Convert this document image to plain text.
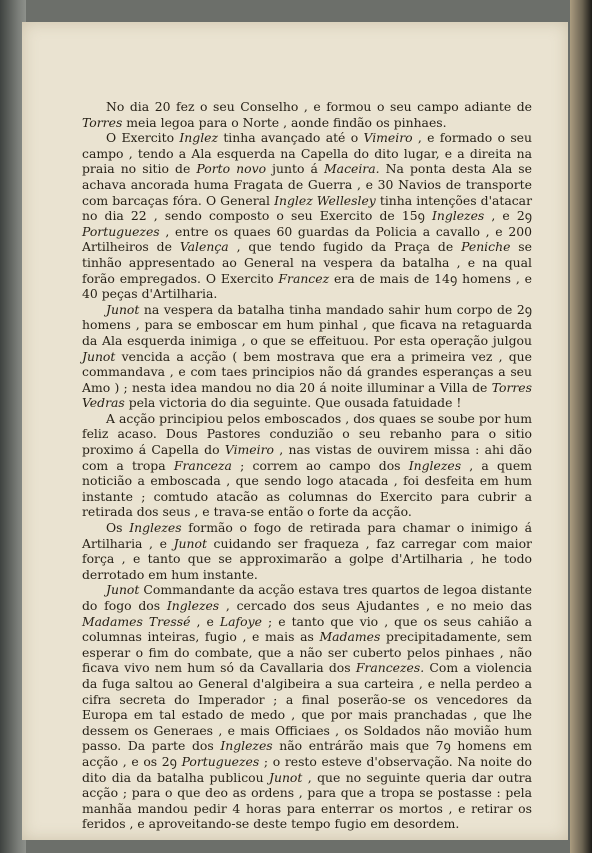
No dia 20 fez o seu Conselho , e formou o seu campo adiante de Torres meia legoa para o Norte , aonde findão os pinhaes.

O Exercito Inglez tinha avançado até o Vimeiro , e formado o seu campo , tendo a Ala esquerda na Capella do dito lugar, e a direita na praia no sitio de Porto novo junto á Maceira. Na ponta desta Ala se achava ancorada huma Fragata de Guerra , e 30 Navios de transporte com barcaças fóra. O General Inglez Wellesley tinha intenções d'atacar no dia 22 , sendo composto o seu Exercito de 15ꝯ Inglezes , e 2ꝯ Portuguezes , entre os quaes 60 guardas da Policia a cavallo , e 200 Artilheiros de Valença , que tendo fugido da Praça de Peniche se tinhão appresentado ao General na vespera da batalha , e na qual forão empregados. O Exercito Francez era de mais de 14ꝯ homens , e 40 peças d'Artilharia.

Junot na vespera da batalha tinha mandado sahir hum corpo de 2ꝯ homens , para se emboscar em hum pinhal , que ficava na retaguarda da Ala esquerda inimiga , o que se effeituou. Por esta operação julgou Junot vencida a acção ( bem mostrava que era a primeira vez , que commandava , e com taes principios não dá grandes esperanças a seu Amo ) ; nesta idea mandou no dia 20 á noite illuminar a Villa de Torres Vedras pela victoria do dia seguinte. Que ousada fatuidade !

A acção principiou pelos emboscados , dos quaes se soube por hum feliz acaso. Dous Pastores conduzião o seu rebanho para o sitio proximo á Capella do Vimeiro , nas vistas de ouvirem missa : ahi dão com a tropa Franceza ; correm ao campo dos Inglezes , a quem noticião a emboscada , que sendo logo atacada , foi desfeita em hum instante ; comtudo atacão as columnas do Exercito para cubrir a retirada dos seus , e trava-se então o forte da acção.

Os Inglezes formão o fogo de retirada para chamar o inimigo á Artilharia , e Junot cuidando ser fraqueza , faz carregar com maior força , e tanto que se approximarão a golpe d'Artilharia , he todo derrotado em hum instante.

Junot Commandante da acção estava tres quartos de legoa distante do fogo dos Inglezes , cercado dos seus Ajudantes , e no meio das Madames Tressé , e Lafoye ; e tanto que vio , que os seus cahião a columnas inteiras, fugio , e mais as Madames precipitadamente, sem esperar o fim do combate, que a não ser cuberto pelos pinhaes , não ficava vivo nem hum só da Cavallaria dos Francezes. Com a violencia da fuga saltou ao General d'algibeira a sua carteira , e nella perdeo a cifra secreta do Imperador ; a final poserão-se os vencedores da Europa em tal estado de medo , que por mais pranchadas , que lhe dessem os Generaes , e mais Officiaes , os Soldados não movião hum passo. Da parte dos Inglezes não entrárão mais que 7ꝯ homens em acção , e os 2ꝯ Portuguezes ; o resto esteve d'observação. Na noite do dito dia da batalha publicou Junot , que no seguinte queria dar outra acção ; para o que deo as ordens , para que a tropa se postasse : pela manhãa mandou pedir 4 horas para enterrar os mortos , e retirar os feridos , e aproveitando-se deste tempo fugio em desordem.
